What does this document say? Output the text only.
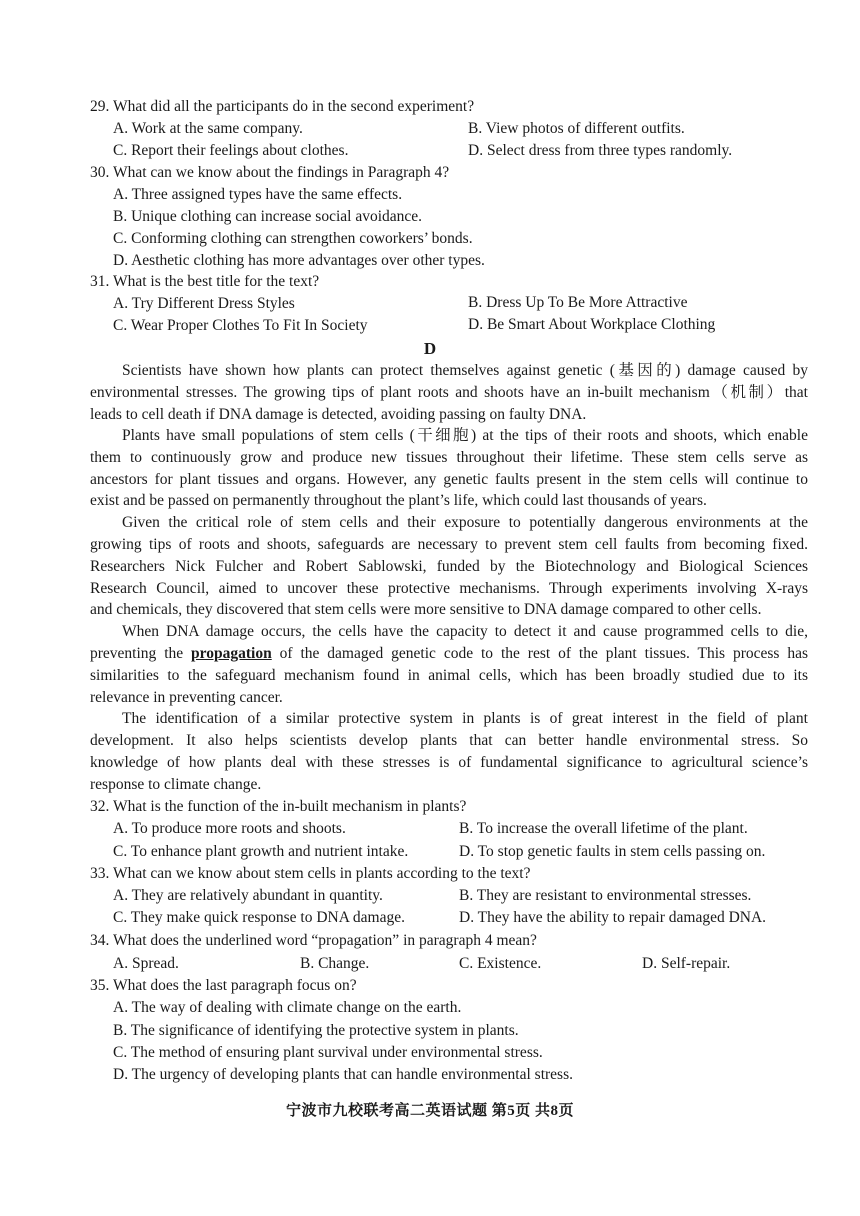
29. What did all the participants do in the second experiment?
A. Work at the same company.	B. View photos of different outfits.
C. Report their feelings about clothes.	D. Select dress from three types randomly.
30. What can we know about the findings in Paragraph 4?
A. Three assigned types have the same effects.
B. Unique clothing can increase social avoidance.
C. Conforming clothing can strengthen coworkers’ bonds.
D. Aesthetic clothing has more advantages over other types.
31. What is the best title for the text?
A. Try Different Dress Styles	B. Dress Up To Be More Attractive
C. Wear Proper Clothes To Fit In Society	D. Be Smart About Workplace Clothing
D
Scientists have shown how plants can protect themselves against genetic (基因的) damage caused by
environmental stresses. The growing tips of plant roots and shoots have an in-built mechanism（机制）that
leads to cell death if DNA damage is detected, avoiding passing on faulty DNA.
Plants have small populations of stem cells (干细胞) at the tips of their roots and shoots, which enable
them to continuously grow and produce new tissues throughout their lifetime. These stem cells serve as
ancestors for plant tissues and organs. However, any genetic faults present in the stem cells will continue to
exist and be passed on permanently throughout the plant’s life, which could last thousands of years.
Given the critical role of stem cells and their exposure to potentially dangerous environments at the
growing tips of roots and shoots, safeguards are necessary to prevent stem cell faults from becoming fixed.
Researchers Nick Fulcher and Robert Sablowski, funded by the Biotechnology and Biological Sciences
Research Council, aimed to uncover these protective mechanisms. Through experiments involving X-rays
and chemicals, they discovered that stem cells were more sensitive to DNA damage compared to other cells.
When DNA damage occurs, the cells have the capacity to detect it and cause programmed cells to die,
preventing the propagation of the damaged genetic code to the rest of the plant tissues. This process has
similarities to the safeguard mechanism found in animal cells, which has been broadly studied due to its
relevance in preventing cancer.
The identification of a similar protective system in plants is of great interest in the field of plant
development. It also helps scientists develop plants that can better handle environmental stress. So
knowledge of how plants deal with these stresses is of fundamental significance to agricultural science’s
response to climate change.
32. What is the function of the in-built mechanism in plants?
A. To produce more roots and shoots.	B. To increase the overall lifetime of the plant.
C. To enhance plant growth and nutrient intake.	D. To stop genetic faults in stem cells passing on.
33. What can we know about stem cells in plants according to the text?
A. They are relatively abundant in quantity.	B. They are resistant to environmental stresses.
C. They make quick response to DNA damage.	D. They have the ability to repair damaged DNA.
34. What does the underlined word “propagation” in paragraph 4 mean?
A. Spread.	B. Change.	C. Existence.	D. Self-repair.
35. What does the last paragraph focus on?
A. The way of dealing with climate change on the earth.
B. The significance of identifying the protective system in plants.
C. The method of ensuring plant survival under environmental stress.
D. The urgency of developing plants that can handle environmental stress.
宁波市九校联考高二英语试题 第5页 共8页
